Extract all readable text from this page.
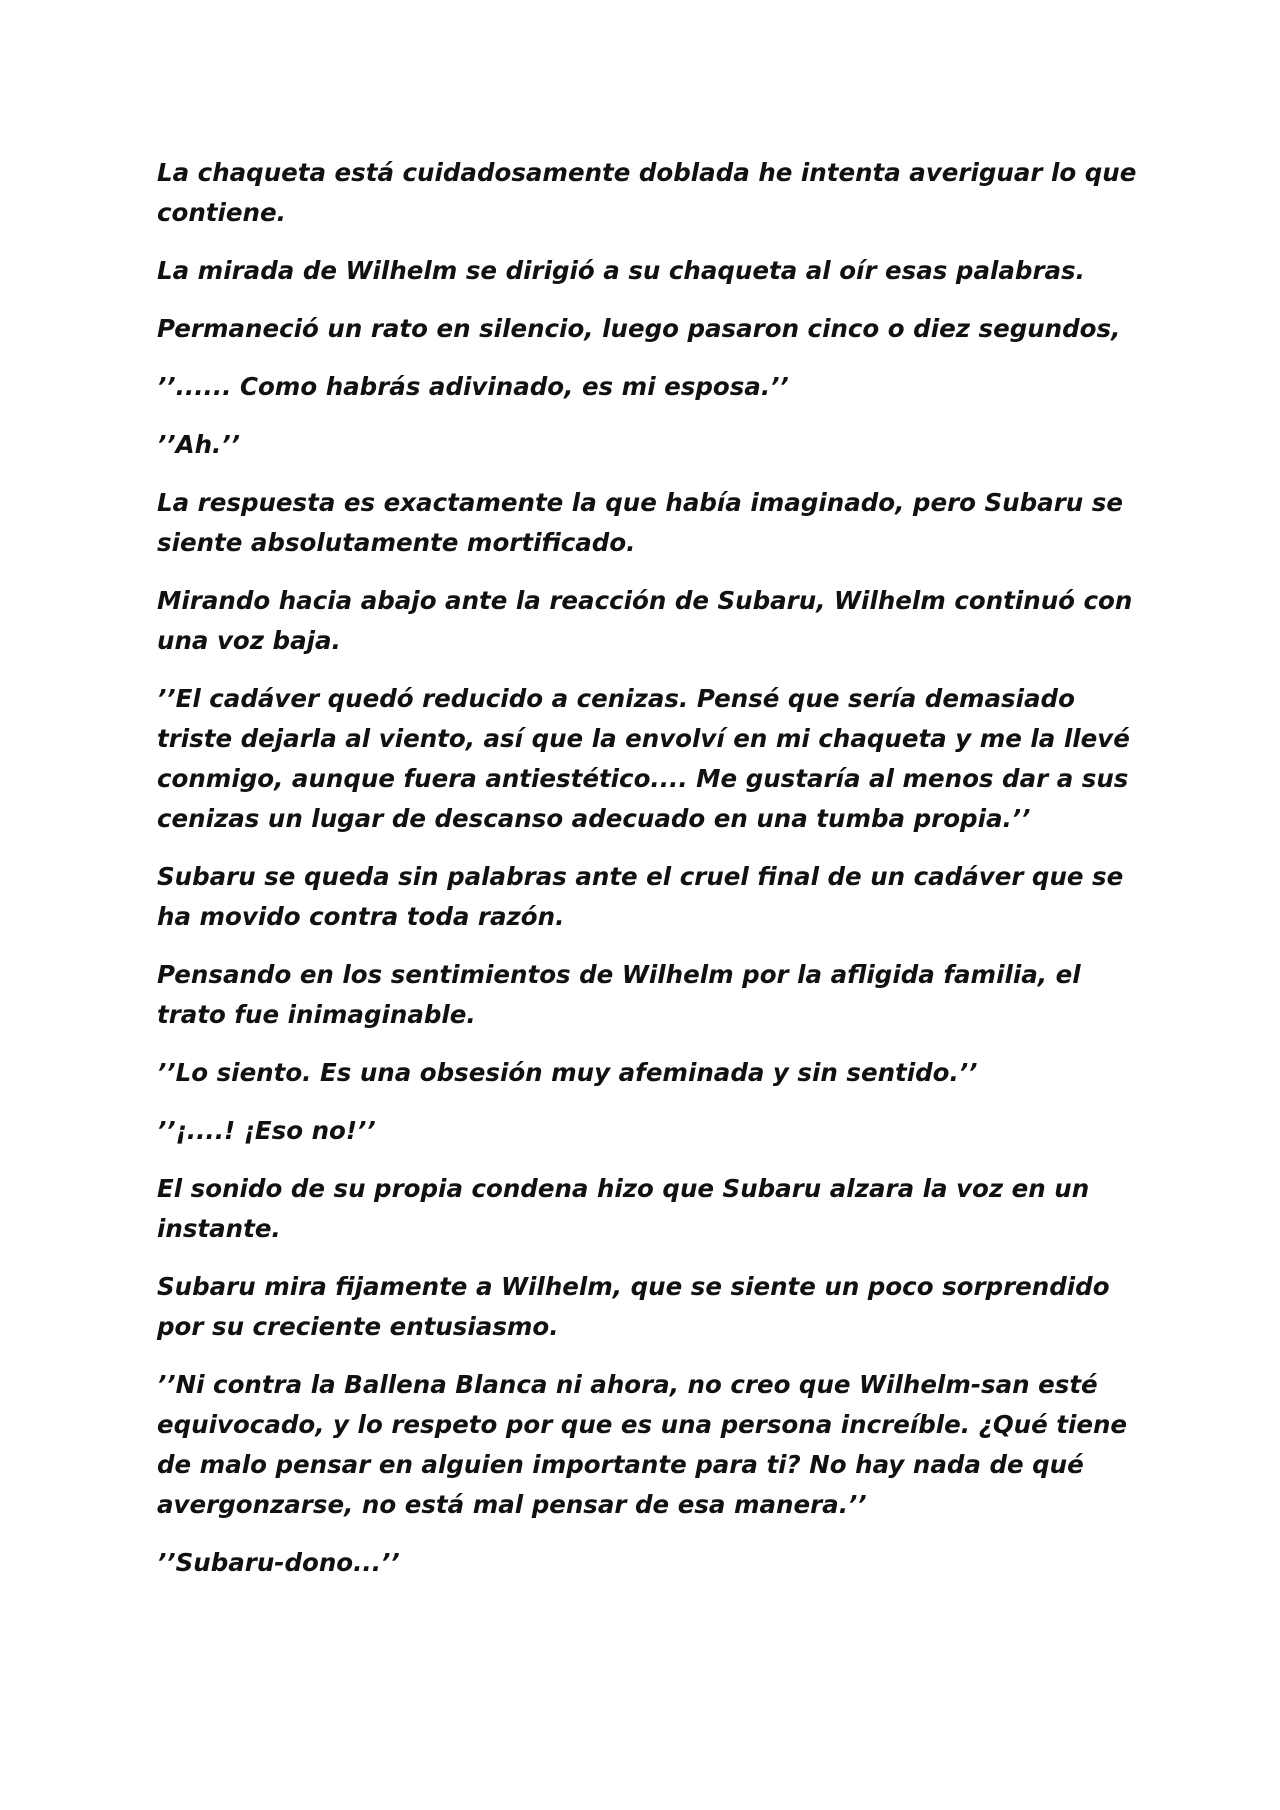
La chaqueta está cuidadosamente doblada he intenta averiguar lo que contiene.

La mirada de Wilhelm se dirigió a su chaqueta al oír esas palabras.

Permaneció un rato en silencio, luego pasaron cinco o diez segundos,

’’...... Como habrás adivinado, es mi esposa.’’

’’Ah.’’

La respuesta es exactamente la que había imaginado, pero Subaru se siente absolutamente mortificado.

Mirando hacia abajo ante la reacción de Subaru, Wilhelm continuó con una voz baja.

’’El cadáver quedó reducido a cenizas. Pensé que sería demasiado triste dejarla al viento, así que la envolví en mi chaqueta y me la llevé conmigo, aunque fuera antiestético.... Me gustaría al menos dar a sus cenizas un lugar de descanso adecuado en una tumba propia.’’

Subaru se queda sin palabras ante el cruel final de un cadáver que se ha movido contra toda razón.

Pensando en los sentimientos de Wilhelm por la afligida familia, el trato fue inimaginable.

’’Lo siento. Es una obsesión muy afeminada y sin sentido.’’

’’¡....! ¡Eso no!’’

El sonido de su propia condena hizo que Subaru alzara la voz en un instante.

Subaru mira fijamente a Wilhelm, que se siente un poco sorprendido por su creciente entusiasmo.

’’Ni contra la Ballena Blanca ni ahora, no creo que Wilhelm-san esté equivocado, y lo respeto por que es una persona increíble. ¿Qué tiene de malo pensar en alguien importante para ti? No hay nada de qué avergonzarse, no está mal pensar de esa manera.’’

’’Subaru-dono...’’
